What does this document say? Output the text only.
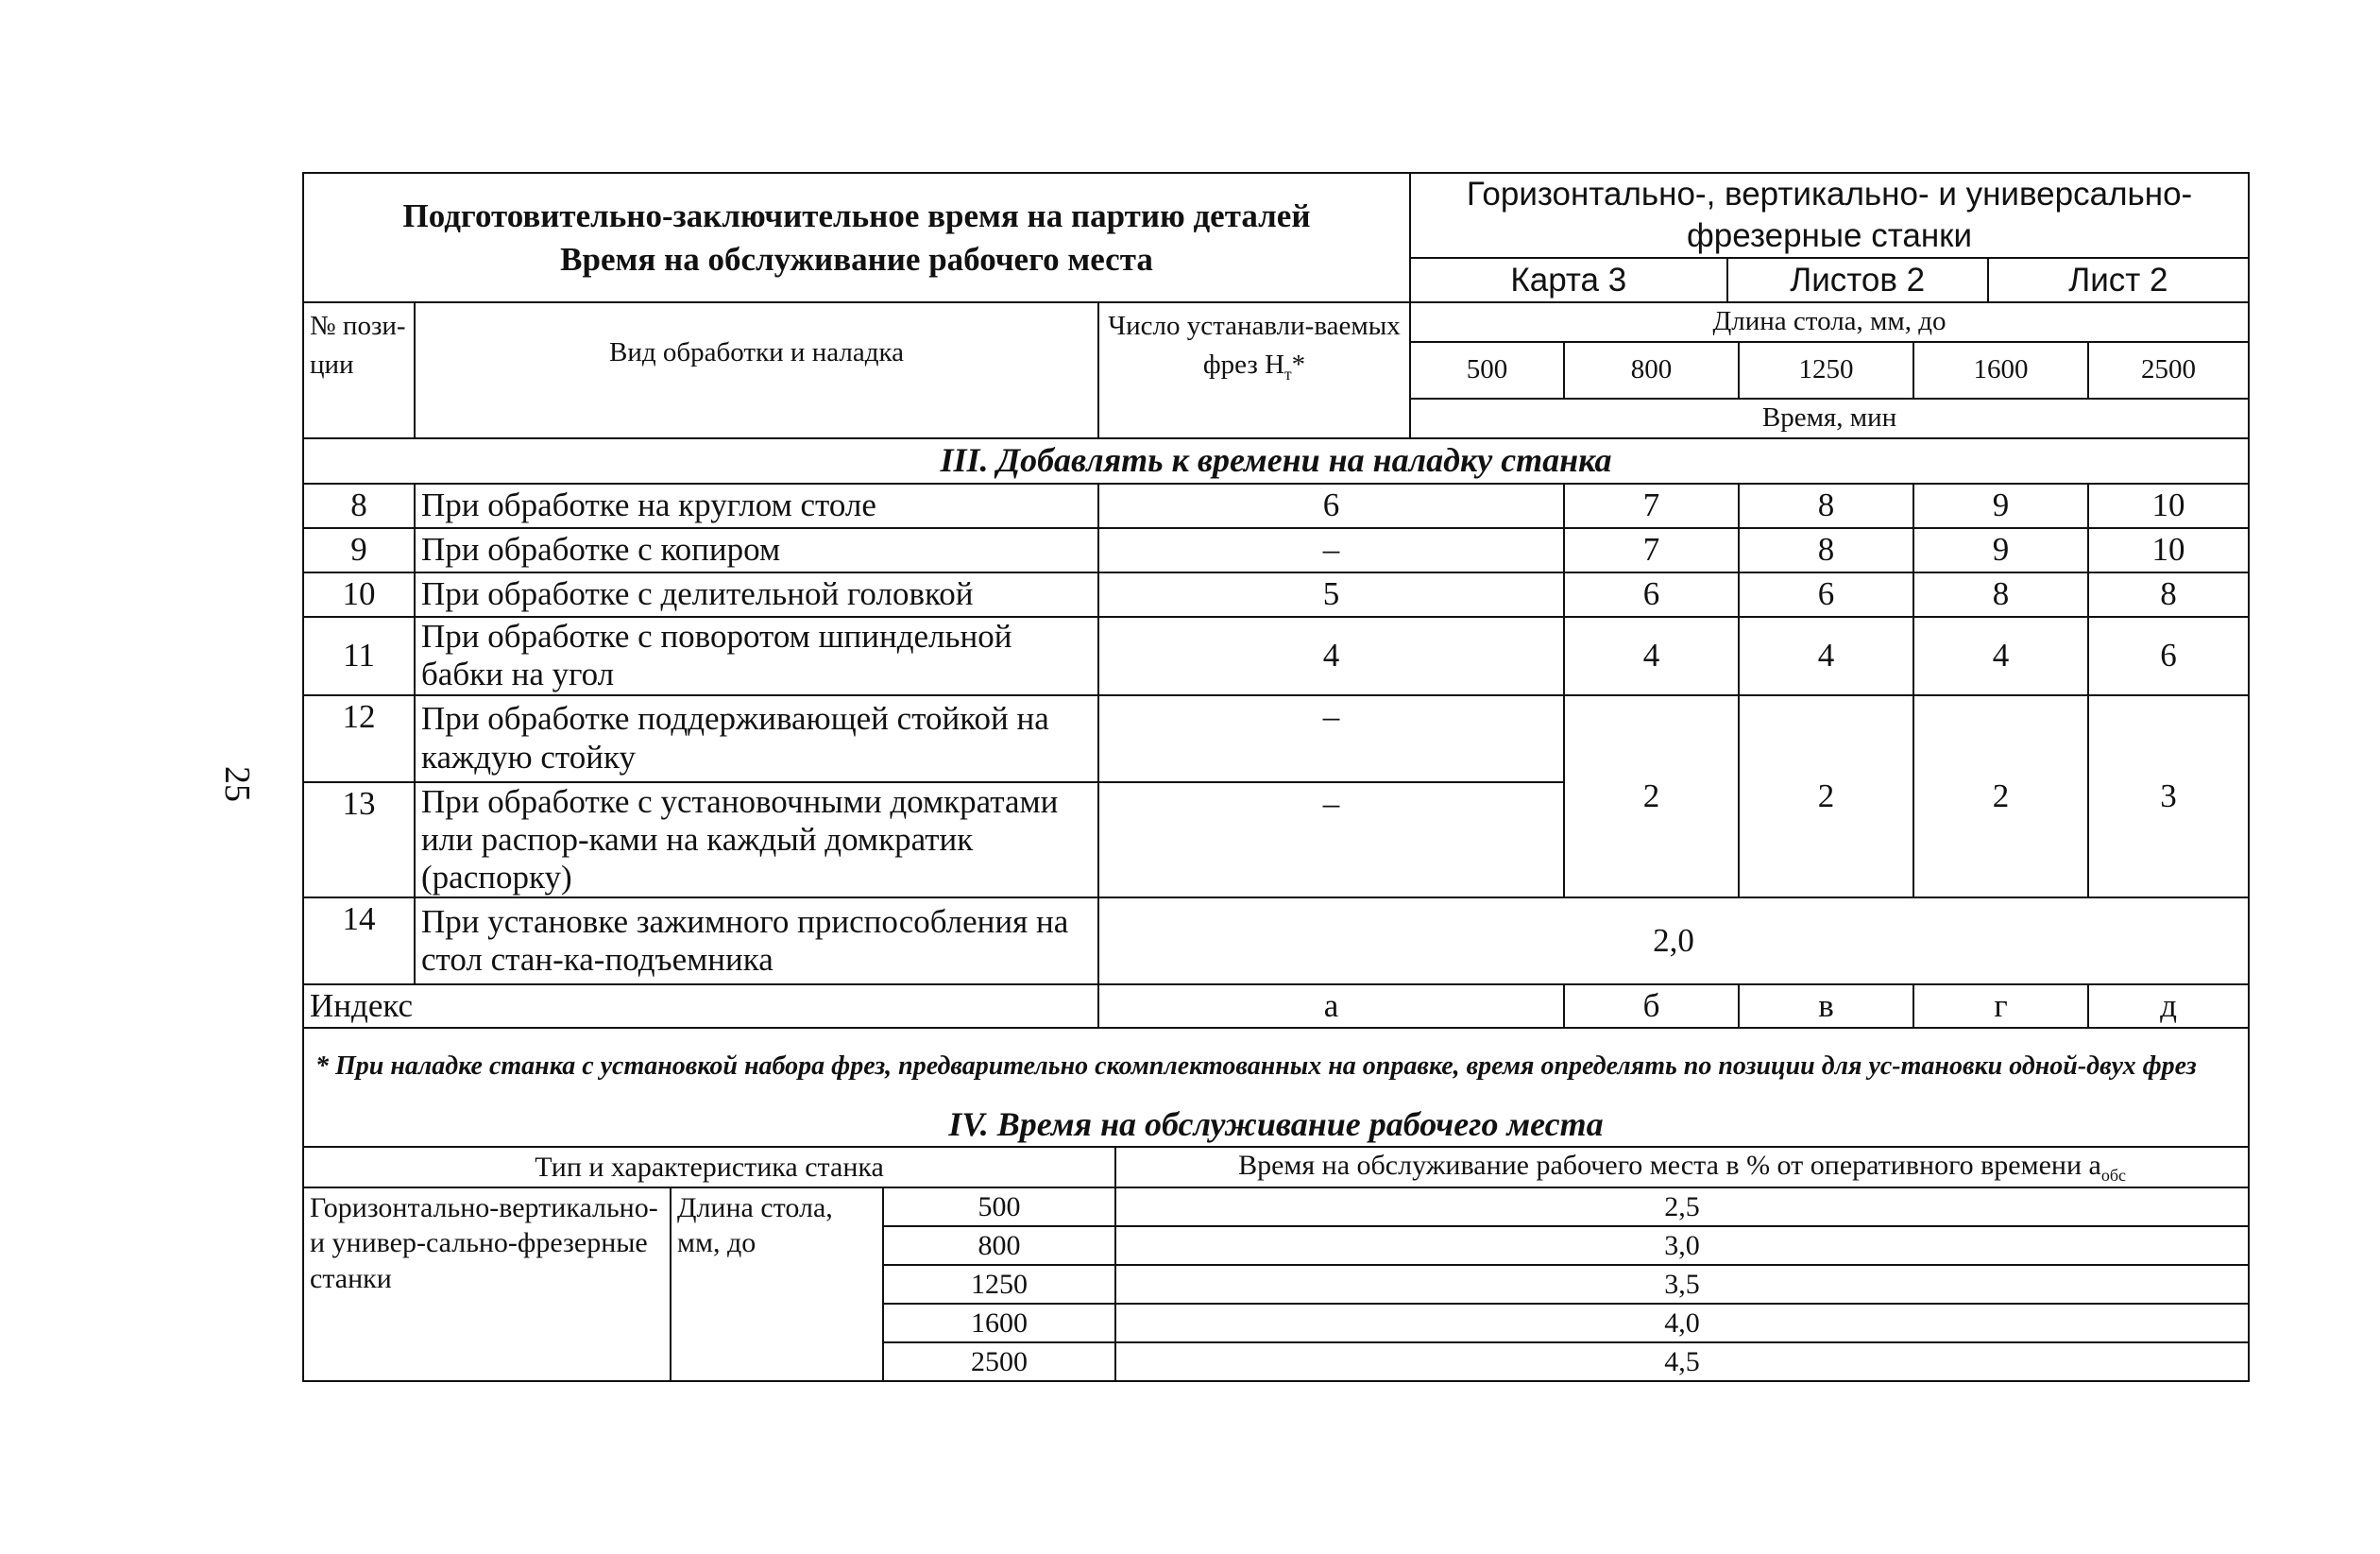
25
Подготовительно-заключительное время на партию деталей
Время на обслуживание рабочего места
	Горизонтально-, вертикально- и универсально-фрезерные станки

Карта 3	Листов 2	Лист 2

№ пози-ции	Вид обработки и наладка	Число устанавли-ваемых фрез $Н_т*$	Длина стола, мм, до
500	800	1250	1600	2500
Время, мин
III. Добавлять к времени на наладку станка
8	При обработке на круглом столе	6	7	8	9	10
9	При обработке с копиром	–	7	8	9	10
10	При обработке с делительной головкой	5	6	6	8	8
11	При обработке с поворотом шпиндельной бабки на угол	4	4	4	4	6
12	При обработке поддерживающей стойкой на каждую стойку	–	2	2	2	3
13	При обработке с установочными домкратами или распор-ками на каждый домкратик (распорку)	–
14	При установке зажимного приспособления на стол стан-ка-подъемника	2,0
Индекс	а	б	в	г	д
* При наладке станка с установкой набора фрез, предварительно скомплектованных на оправке, время определять по позиции для ус-тановки одной-двух фрез
IV. Время на обслуживание рабочего места
Тип и характеристика станка			Время на обслуживание рабочего места в % от оперативного времени $а_{обс}$
Горизонтально-вертикально- и универ-сально-фрезерные станки	Длина стола, мм, до	500	2,5
		800	3,0
		1250	3,5
		1600	4,0
		2500	4,5
